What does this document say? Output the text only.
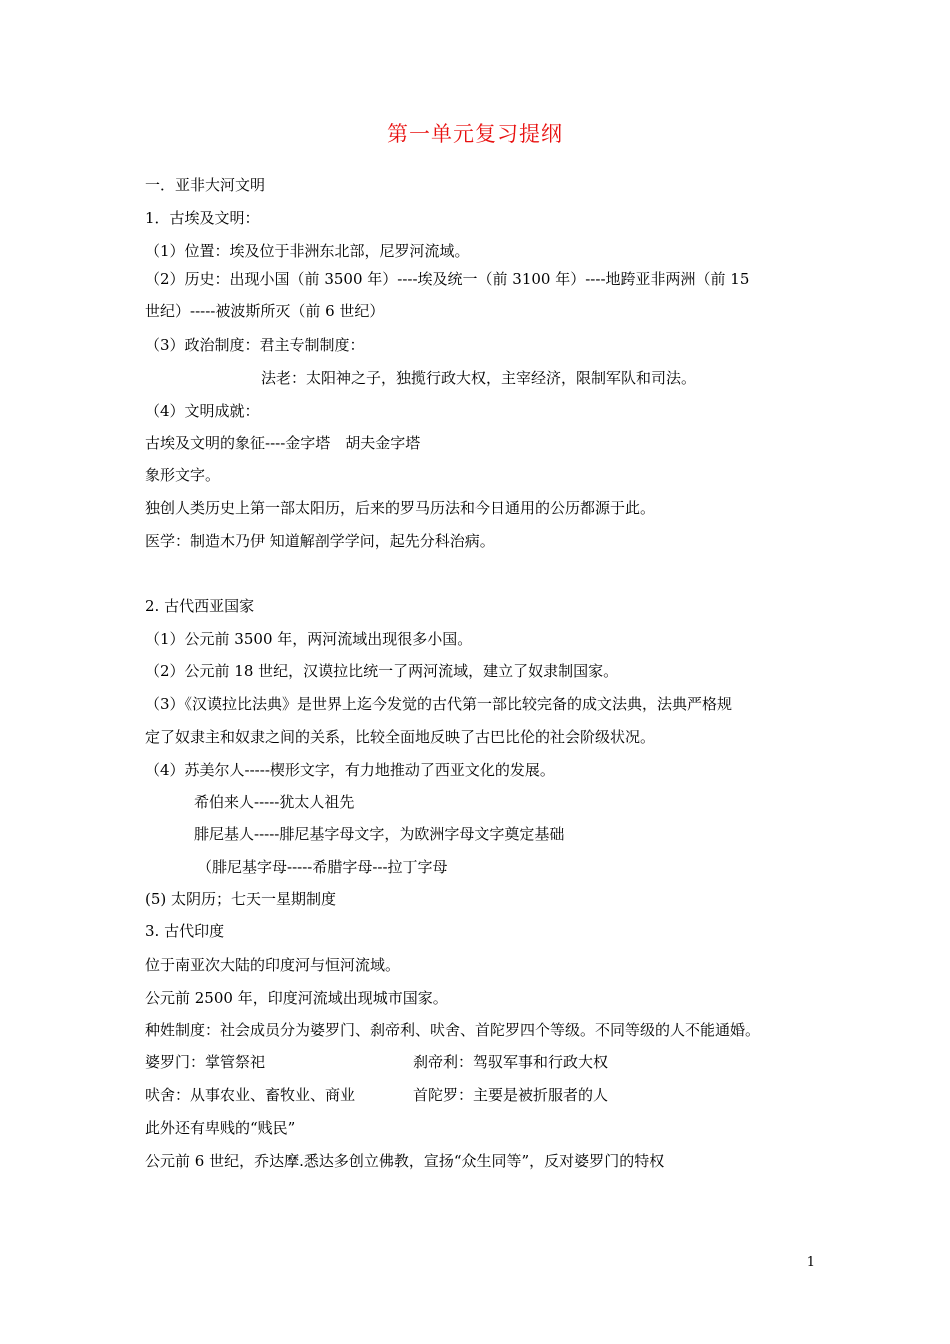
第一单元复习提纲
一．亚非大河文明
1．古埃及文明：
（1）位置：埃及位于非洲东北部，尼罗河流域。
（2）历史：出现小国（前 3500 年）----埃及统一（前 3100 年）----地跨亚非两洲（前 15
世纪）-----被波斯所灭（前 6 世纪）
（3）政治制度：君主专制制度：
法老：太阳神之子，独揽行政大权，主宰经济，限制军队和司法。
（4）文明成就：
古埃及文明的象征----金字塔　胡夫金字塔
象形文字。
独创人类历史上第一部太阳历，后来的罗马历法和今日通用的公历都源于此。
医学：制造木乃伊 知道解剖学学问，起先分科治病。
2. 古代西亚国家
（1）公元前 3500 年，两河流域出现很多小国。
（2）公元前 18 世纪，汉谟拉比统一了两河流域，建立了奴隶制国家。
（3）《汉谟拉比法典》是世界上迄今发觉的古代第一部比较完备的成文法典，法典严格规
定了奴隶主和奴隶之间的关系，比较全面地反映了古巴比伦的社会阶级状况。
（4）苏美尔人-----楔形文字，有力地推动了西亚文化的发展。
希伯来人-----犹太人祖先
腓尼基人-----腓尼基字母文字，为欧洲字母文字奠定基础
（腓尼基字母-----希腊字母---拉丁字母
(5) 太阴历；七天一星期制度
3. 古代印度
位于南亚次大陆的印度河与恒河流域。
公元前 2500 年，印度河流域出现城市国家。
种姓制度：社会成员分为婆罗门、刹帝利、吠舍、首陀罗四个等级。不同等级的人不能通婚。
婆罗门：掌管祭祀	刹帝利：驾驭军事和行政大权
吠舍：从事农业、畜牧业、商业	首陀罗：主要是被折服者的人
此外还有卑贱的“贱民”
公元前 6 世纪，乔达摩.悉达多创立佛教，宣扬“众生同等”，反对婆罗门的特权
1
